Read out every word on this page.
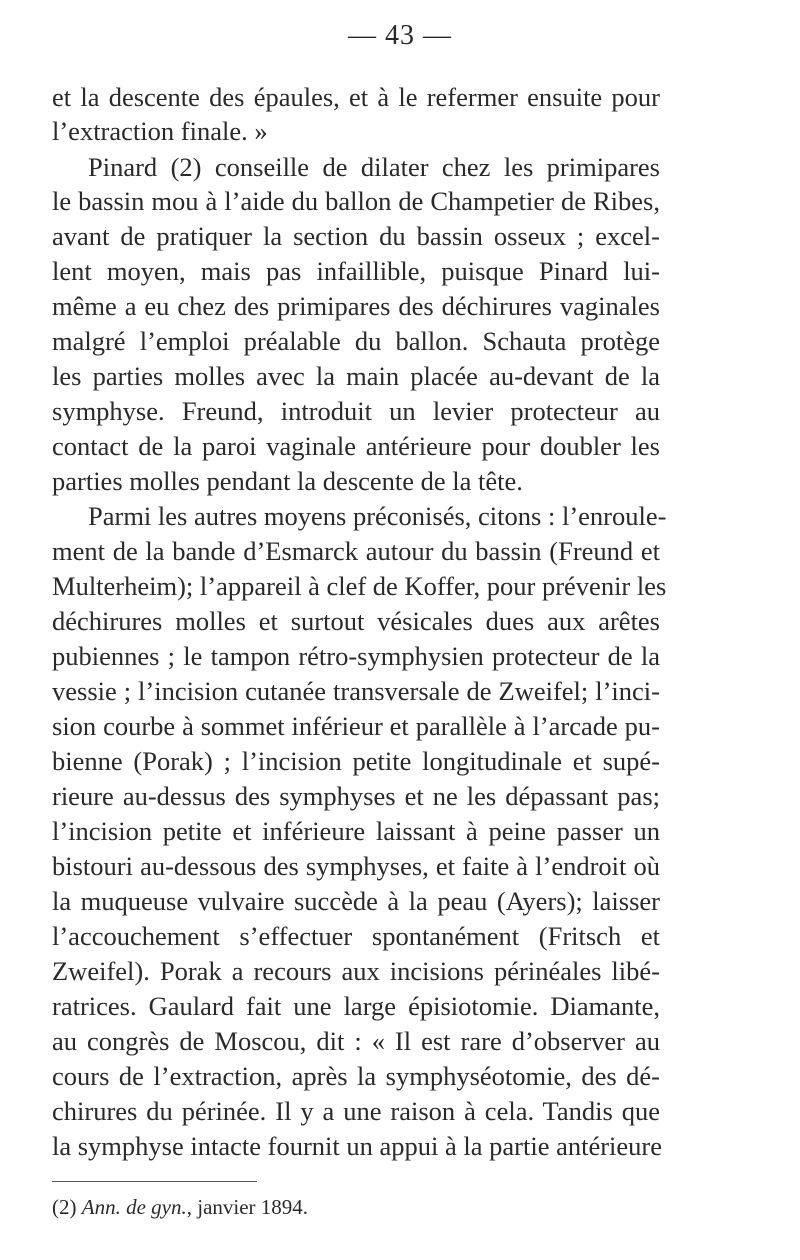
— 43 —
et la descente des épaules, et à le refermer ensuite pour
l’extraction finale. »
Pinard (2) conseille de dilater chez les primipares
le bassin mou à l’aide du ballon de Champetier de Ribes,
avant de pratiquer la section du bassin osseux ; excel-
lent moyen, mais pas infaillible, puisque Pinard lui-
même a eu chez des primipares des déchirures vaginales
malgré l’emploi préalable du ballon. Schauta protège
les parties molles avec la main placée au-devant de la
symphyse. Freund, introduit un levier protecteur au
contact de la paroi vaginale antérieure pour doubler les
parties molles pendant la descente de la tête.
Parmi les autres moyens préconisés, citons : l’enroule-
ment de la bande d’Esmarck autour du bassin (Freund et
Multerheim); l’appareil à clef de Koffer, pour prévenir les
déchirures molles et surtout vésicales dues aux arêtes
pubiennes ; le tampon rétro-symphysien protecteur de la
vessie ; l’incision cutanée transversale de Zweifel; l’inci-
sion courbe à sommet inférieur et parallèle à l’arcade pu-
bienne (Porak) ; l’incision petite longitudinale et supé-
rieure au-dessus des symphyses et ne les dépassant pas;
l’incision petite et inférieure laissant à peine passer un
bistouri au-dessous des symphyses, et faite à l’endroit où
la muqueuse vulvaire succède à la peau (Ayers); laisser
l’accouchement s’effectuer spontanément (Fritsch et
Zweifel). Porak a recours aux incisions périnéales libé-
ratrices. Gaulard fait une large épisiotomie. Diamante,
au congrès de Moscou, dit : « Il est rare d’observer au
cours de l’extraction, après la symphyséotomie, des dé-
chirures du périnée. Il y a une raison à cela. Tandis que
la symphyse intacte fournit un appui à la partie antérieure
(2) Ann. de gyn., janvier 1894.
